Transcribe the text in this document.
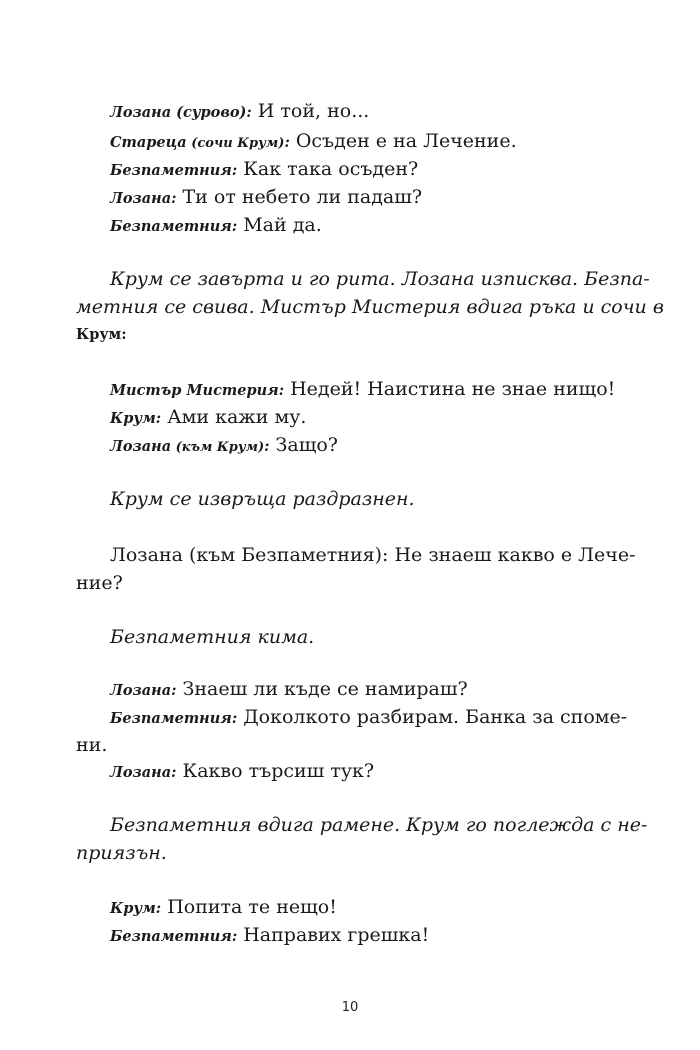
Лозана (сурово): И той, но...
Стареца (сочи Крум): Осъден е на Лечение.
Безпаметния: Как така осъден?
Лозана: Ти от небето ли падаш?
Безпаметния: Май да.
Крум се завърта и го рита. Лозана изписква. Безпа-
метния се свива. Мистър Мистерия вдига ръка и сочи в
Крум:
Мистър Мистерия: Недей! Наистина не знае нищо!
Крум: Ами кажи му.
Лозана (към Крум): Защо?
Крум се извръща раздразнен.
Лозана (към Безпаметния): Не знаеш какво е Лече-
ние?
Безпаметния кима.
Лозана: Знаеш ли къде се намираш?
Безпаметния: Доколкото разбирам. Банка за спомe-
ни.
Лозана: Какво търсиш тук?
Безпаметния вдига рамене. Крум го поглежда с не-
приязън.
Крум: Попита те нещо!
Безпаметния: Направих грешка!
10
